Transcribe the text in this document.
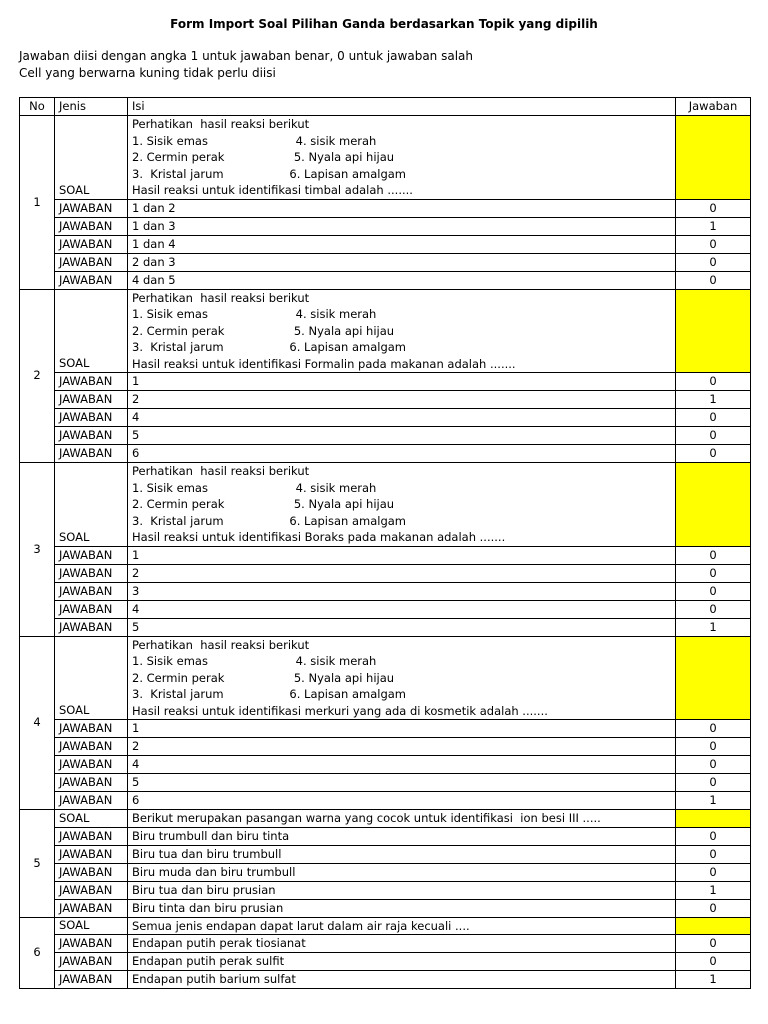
Form Import Soal Pilihan Ganda berdasarkan Topik yang dipilih
Jawaban diisi dengan angka 1 untuk jawaban benar, 0 untuk jawaban salah
Cell yang berwarna kuning tidak perlu diisi
No	Jenis	Isi	Jawaban
1	SOAL	Perhatikan  hasil reaksi berikut
1. Sisik emas                        4. sisik merah
2. Cermin perak                   5. Nyala api hijau
3.  Kristal jarum                  6. Lapisan amalgam
Hasil reaksi untuk identifikasi timbal adalah .......	

	JAWABAN	1 dan 2	0
	JAWABAN	1 dan 3	1
	JAWABAN	1 dan 4	0
	JAWABAN	2 dan 3	0
	JAWABAN	4 dan 5	0
2	SOAL	Perhatikan  hasil reaksi berikut
1. Sisik emas                        4. sisik merah
2. Cermin perak                   5. Nyala api hijau
3.  Kristal jarum                  6. Lapisan amalgam
Hasil reaksi untuk identifikasi Formalin pada makanan adalah .......	

	JAWABAN	1	0
	JAWABAN	2	1
	JAWABAN	4	0
	JAWABAN	5	0
	JAWABAN	6	0
3	SOAL	Perhatikan  hasil reaksi berikut
1. Sisik emas                        4. sisik merah
2. Cermin perak                   5. Nyala api hijau
3.  Kristal jarum                  6. Lapisan amalgam
Hasil reaksi untuk identifikasi Boraks pada makanan adalah .......	

	JAWABAN	1	0
	JAWABAN	2	0
	JAWABAN	3	0
	JAWABAN	4	0
	JAWABAN	5	1
4	SOAL	Perhatikan  hasil reaksi berikut
1. Sisik emas                        4. sisik merah
2. Cermin perak                   5. Nyala api hijau
3.  Kristal jarum                  6. Lapisan amalgam
Hasil reaksi untuk identifikasi merkuri yang ada di kosmetik adalah .......	

	JAWABAN	1	0
	JAWABAN	2	0
	JAWABAN	4	0
	JAWABAN	5	0
	JAWABAN	6	1
5	SOAL	Berikut merupakan pasangan warna yang cocok untuk identifikasi  ion besi III .....	

	JAWABAN	Biru trumbull dan biru tinta	0
	JAWABAN	Biru tua dan biru trumbull	0
	JAWABAN	Biru muda dan biru trumbull	0
	JAWABAN	Biru tua dan biru prusian	1
	JAWABAN	Biru tinta dan biru prusian	0
6	SOAL	Semua jenis endapan dapat larut dalam air raja kecuali ....	

	JAWABAN	Endapan putih perak tiosianat	0
	JAWABAN	Endapan putih perak sulfit	0
	JAWABAN	Endapan putih barium sulfat	1
